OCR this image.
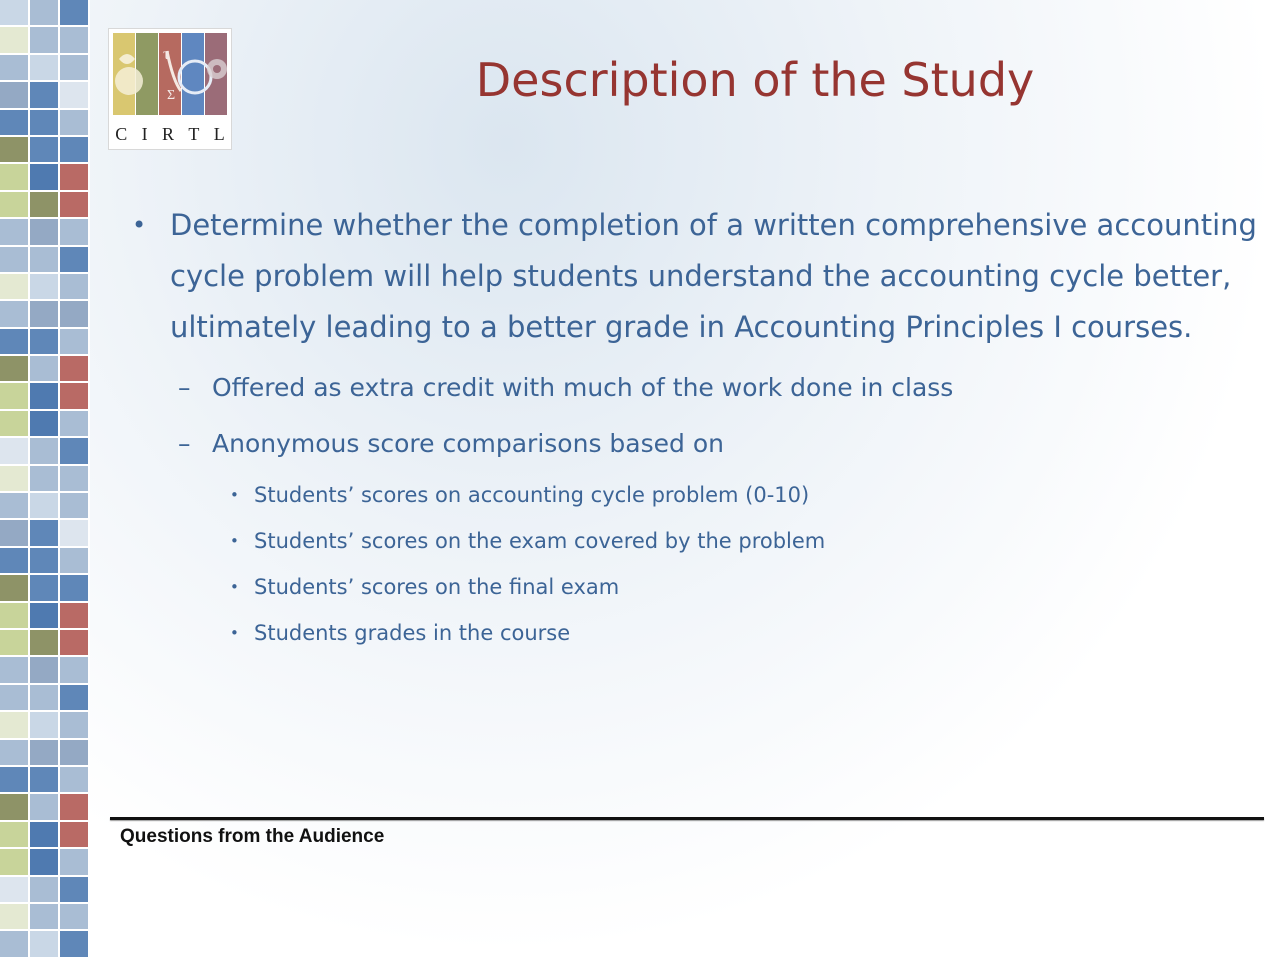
τ
Σ
C I R T L
Description of the Study

• Determine whether the completion of a written comprehensive accounting cycle problem will help students understand the accounting cycle better, ultimately leading to a better grade in Accounting Principles I courses.

– Offered as extra credit with much of the work done in class
– Anonymous score comparisons based on
• Students’ scores on accounting cycle problem (0-10)
• Students’ scores on the exam covered by the problem
• Students’ scores on the final exam
• Students grades in the course
Questions from the Audience
